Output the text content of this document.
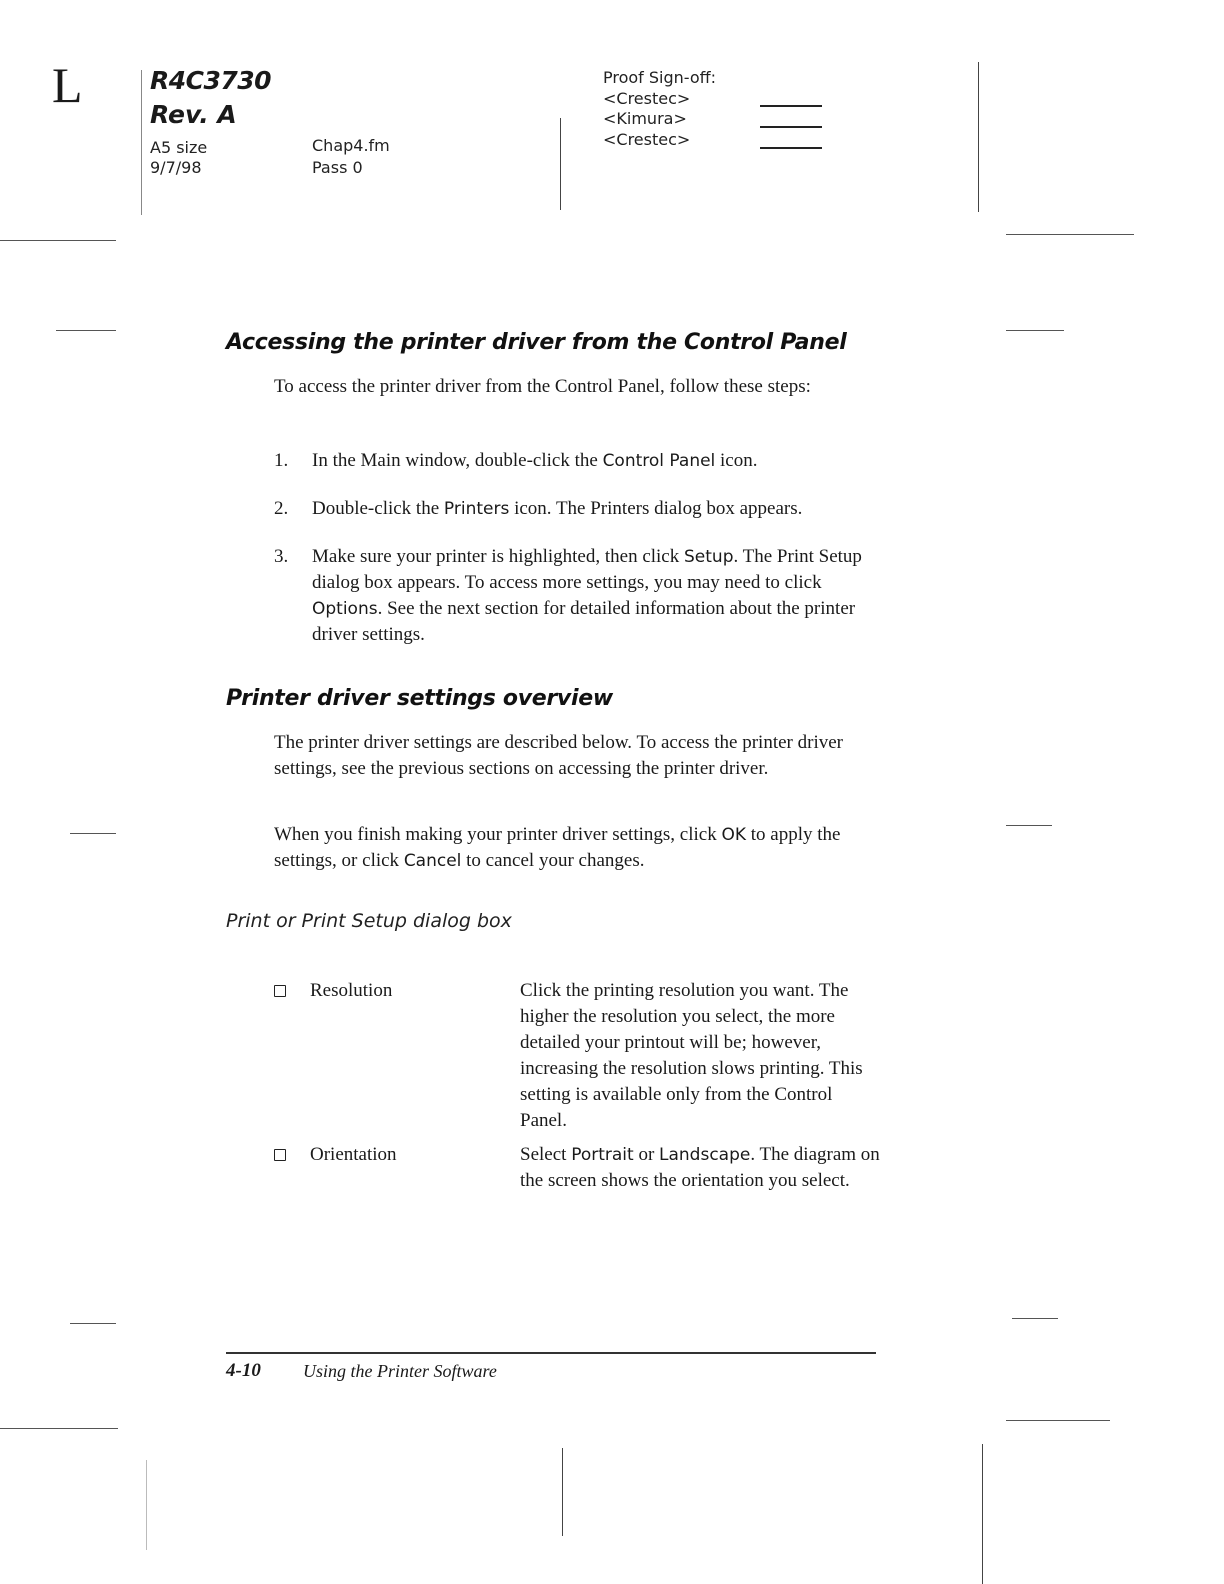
L	R4C3730
Rev. A
A5 size
9/7/98
Chap4.fm
Pass 0
Proof Sign-off:
<Crestec>
<Kimura>
<Crestec>
Accessing the printer driver from the Control Panel
To access the printer driver from the Control Panel, follow these steps:
1. In the Main window, double-click the Control Panel icon.
2. Double-click the Printers icon. The Printers dialog box appears.
3. Make sure your printer is highlighted, then click Setup. The Print Setup dialog box appears. To access more settings, you may need to click Options. See the next section for detailed information about the printer driver settings.
Printer driver settings overview
The printer driver settings are described below. To access the printer driver settings, see the previous sections on accessing the printer driver.
When you finish making your printer driver settings, click OK to apply the settings, or click Cancel to cancel your changes.
Print or Print Setup dialog box
Resolution	Click the printing resolution you want. The higher the resolution you select, the more detailed your printout will be; however, increasing the resolution slows printing. This setting is available only from the Control Panel.
Orientation	Select Portrait or Landscape. The diagram on the screen shows the orientation you select.
4-10 Using the Printer Software
